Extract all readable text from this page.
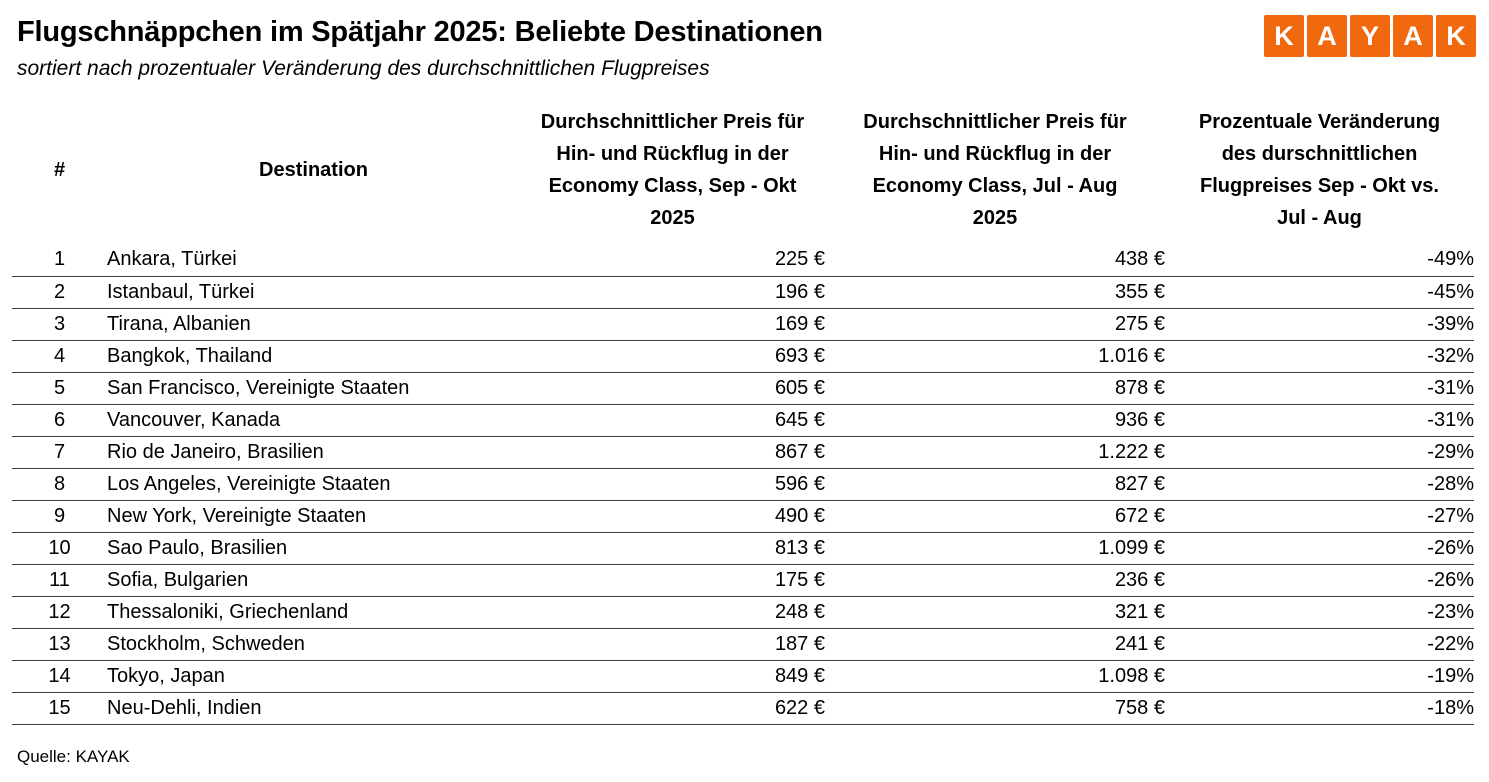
Flugschnäppchen im Spätjahr 2025: Beliebte Destinationen
sortiert nach prozentualer Veränderung des durchschnittlichen Flugpreises
K A Y A K
#	Destination	Durchschnittlicher Preis für
Hin- und Rückflug in der
Economy Class, Sep - Okt
2025	Durchschnittlicher Preis für
Hin- und Rückflug in der
Economy Class, Jul - Aug
2025	Prozentuale Veränderung
des durschnittlichen
Flugpreises Sep - Okt vs.
Jul - Aug
1	Ankara, Türkei	225 €	438 €	-49%
2	Istanbaul, Türkei	196 €	355 €	-45%
3	Tirana, Albanien	169 €	275 €	-39%
4	Bangkok, Thailand	693 €	1.016 €	-32%
5	San Francisco, Vereinigte Staaten	605 €	878 €	-31%
6	Vancouver, Kanada	645 €	936 €	-31%
7	Rio de Janeiro, Brasilien	867 €	1.222 €	-29%
8	Los Angeles, Vereinigte Staaten	596 €	827 €	-28%
9	New York, Vereinigte Staaten	490 €	672 €	-27%
10	Sao Paulo, Brasilien	813 €	1.099 €	-26%
11	Sofia, Bulgarien	175 €	236 €	-26%
12	Thessaloniki, Griechenland	248 €	321 €	-23%
13	Stockholm, Schweden	187 €	241 €	-22%
14	Tokyo, Japan	849 €	1.098 €	-19%
15	Neu-Dehli, Indien	622 €	758 €	-18%
Quelle: KAYAK
